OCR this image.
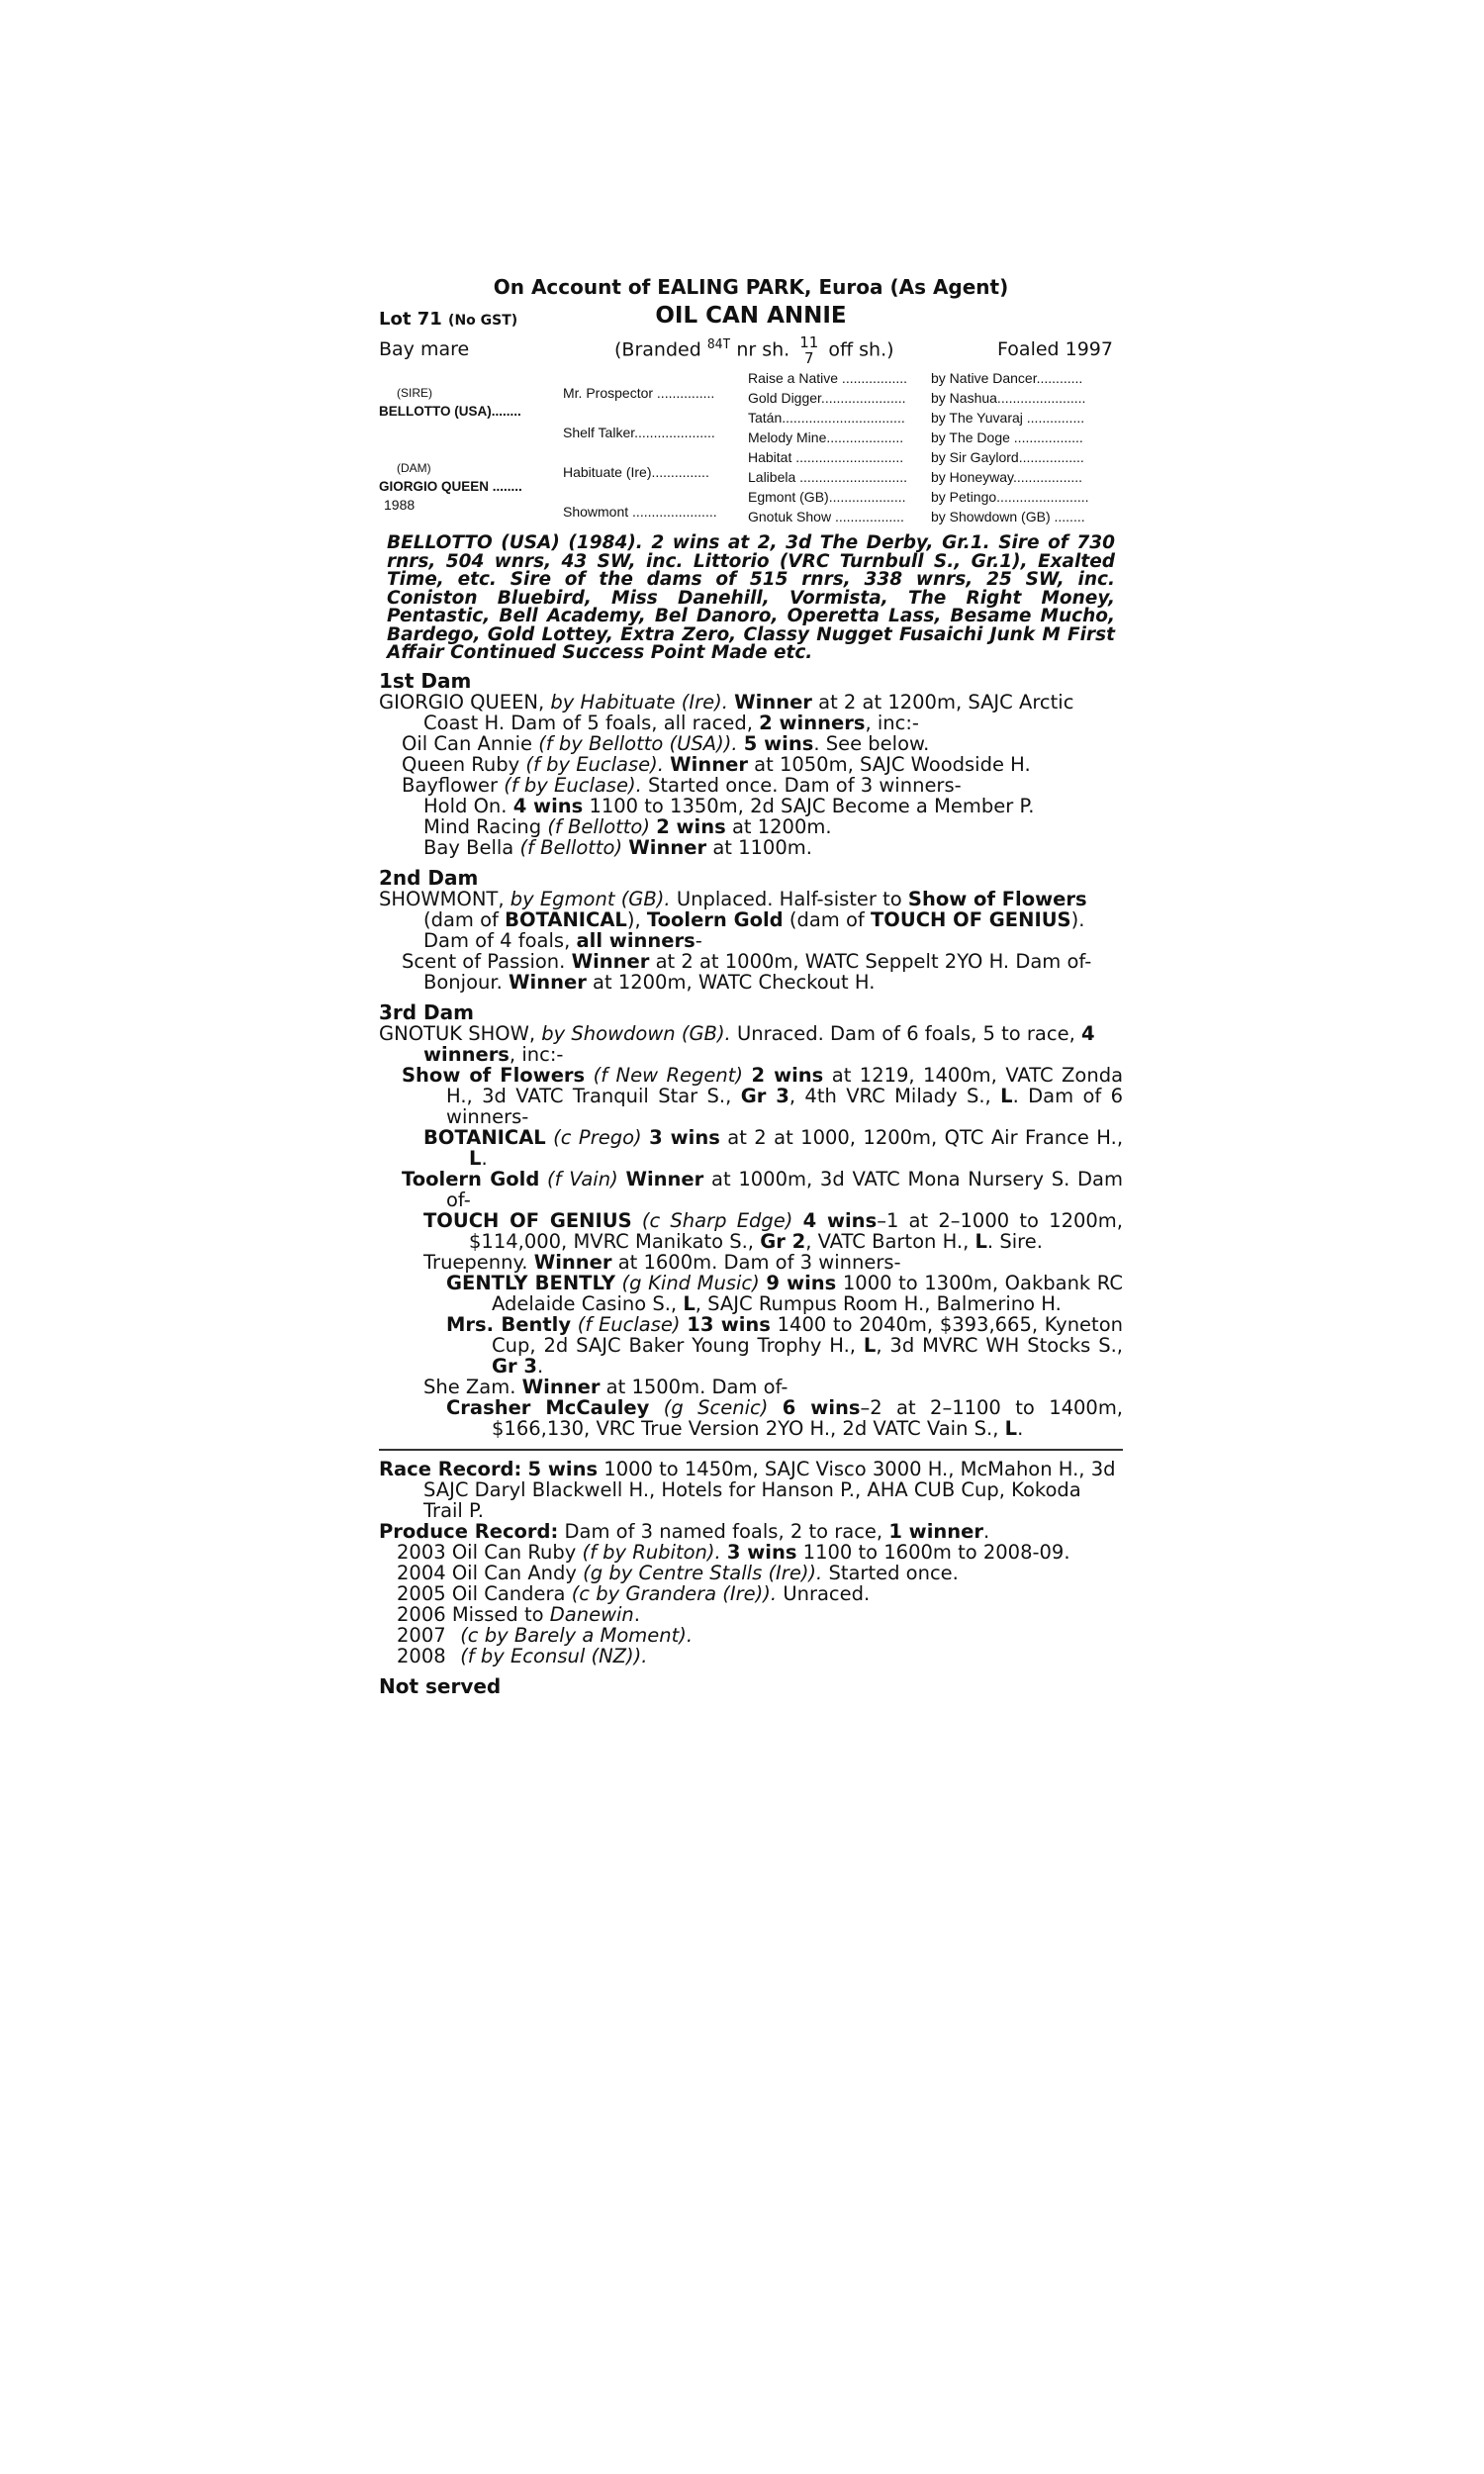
On Account of EALING PARK, Euroa (As Agent)
OIL CAN ANNIE
Lot 71 (No GST)
Bay mare	(Branded $^{84T}$ nr sh. 11
7 off sh.)	Foaled 1997
(SIRE)
BELLOTTO (USA)........
(DAM)
GIORGIO QUEEN ........
1988
Mr. Prospector ...............
Shelf Talker.....................
Habituate (Ire)...............
Showmont ......................
Raise a Native .................
Gold Digger......................
Tatán................................
Melody Mine....................
Habitat ............................
Lalibela ............................
Egmont (GB)....................
Gnotuk Show ..................
by Native Dancer............
by Nashua.......................
by The Yuvaraj ...............
by The Doge ..................
by Sir Gaylord.................
by Honeyway..................
by Petingo........................
by Showdown (GB) ........
BELLOTTO (USA) (1984). 2 wins at 2, 3d The Derby, Gr.1. Sire of 730 rnrs, 504 wnrs, 43 SW, inc. Littorio (VRC Turnbull S., Gr.1), Exalted Time, etc. Sire of the dams of 515 rnrs, 338 wnrs, 25 SW, inc. Coniston Bluebird, Miss Danehill, Vormista, The Right Money, Pentastic, Bell Academy, Bel Danoro, Operetta Lass, Besame Mucho, Bardego, Gold Lottey, Extra Zero, Classy Nugget Fusaichi Junk M First Affair Continued Success Point Made etc.
1st Dam
GIORGIO QUEEN, by Habituate (Ire). Winner at 2 at 1200m, SAJC Arctic Coast H. Dam of 5 foals, all raced, 2 winners, inc:-
Oil Can Annie (f by Bellotto (USA)). 5 wins. See below.
Queen Ruby (f by Euclase). Winner at 1050m, SAJC Woodside H.
Bayflower (f by Euclase). Started once. Dam of 3 winners-
Hold On. 4 wins 1100 to 1350m, 2d SAJC Become a Member P.
Mind Racing (f Bellotto) 2 wins at 1200m.
Bay Bella (f Bellotto) Winner at 1100m.
2nd Dam
SHOWMONT, by Egmont (GB). Unplaced. Half-sister to Show of Flowers (dam of BOTANICAL), Toolern Gold (dam of TOUCH OF GENIUS). Dam of 4 foals, all winners-
Scent of Passion. Winner at 2 at 1000m, WATC Seppelt 2YO H. Dam of-
Bonjour. Winner at 1200m, WATC Checkout H.
3rd Dam
GNOTUK SHOW, by Showdown (GB). Unraced. Dam of 6 foals, 5 to race, 4 winners, inc:-
Show of Flowers (f New Regent) 2 wins at 1219, 1400m, VATC Zonda H., 3d VATC Tranquil Star S., Gr 3, 4th VRC Milady S., L. Dam of 6 winners-
BOTANICAL (c Prego) 3 wins at 2 at 1000, 1200m, QTC Air France H., L.
Toolern Gold (f Vain) Winner at 1000m, 3d VATC Mona Nursery S. Dam of-
TOUCH OF GENIUS (c Sharp Edge) 4 wins–1 at 2–1000 to 1200m, $114,000, MVRC Manikato S., Gr 2, VATC Barton H., L. Sire.
Truepenny. Winner at 1600m. Dam of 3 winners-
GENTLY BENTLY (g Kind Music) 9 wins 1000 to 1300m, Oakbank RC Adelaide Casino S., L, SAJC Rumpus Room H., Balmerino H.
Mrs. Bently (f Euclase) 13 wins 1400 to 2040m, $393,665, Kyneton Cup, 2d SAJC Baker Young Trophy H., L, 3d MVRC WH Stocks S., Gr 3.
She Zam. Winner at 1500m. Dam of-
Crasher McCauley (g Scenic) 6 wins–2 at 2–1100 to 1400m, $166,130, VRC True Version 2YO H., 2d VATC Vain S., L.
Race Record: 5 wins 1000 to 1450m, SAJC Visco 3000 H., McMahon H., 3d SAJC Daryl Blackwell H., Hotels for Hanson P., AHA CUB Cup, Kokoda Trail P.
Produce Record: Dam of 3 named foals, 2 to race, 1 winner.
2003 Oil Can Ruby (f by Rubiton). 3 wins 1100 to 1600m to 2008-09.
2004 Oil Can Andy (g by Centre Stalls (Ire)). Started once.
2005 Oil Candera (c by Grandera (Ire)). Unraced.
2006 Missed to Danewin.
2007 (c by Barely a Moment).
2008 (f by Econsul (NZ)).
Not served
